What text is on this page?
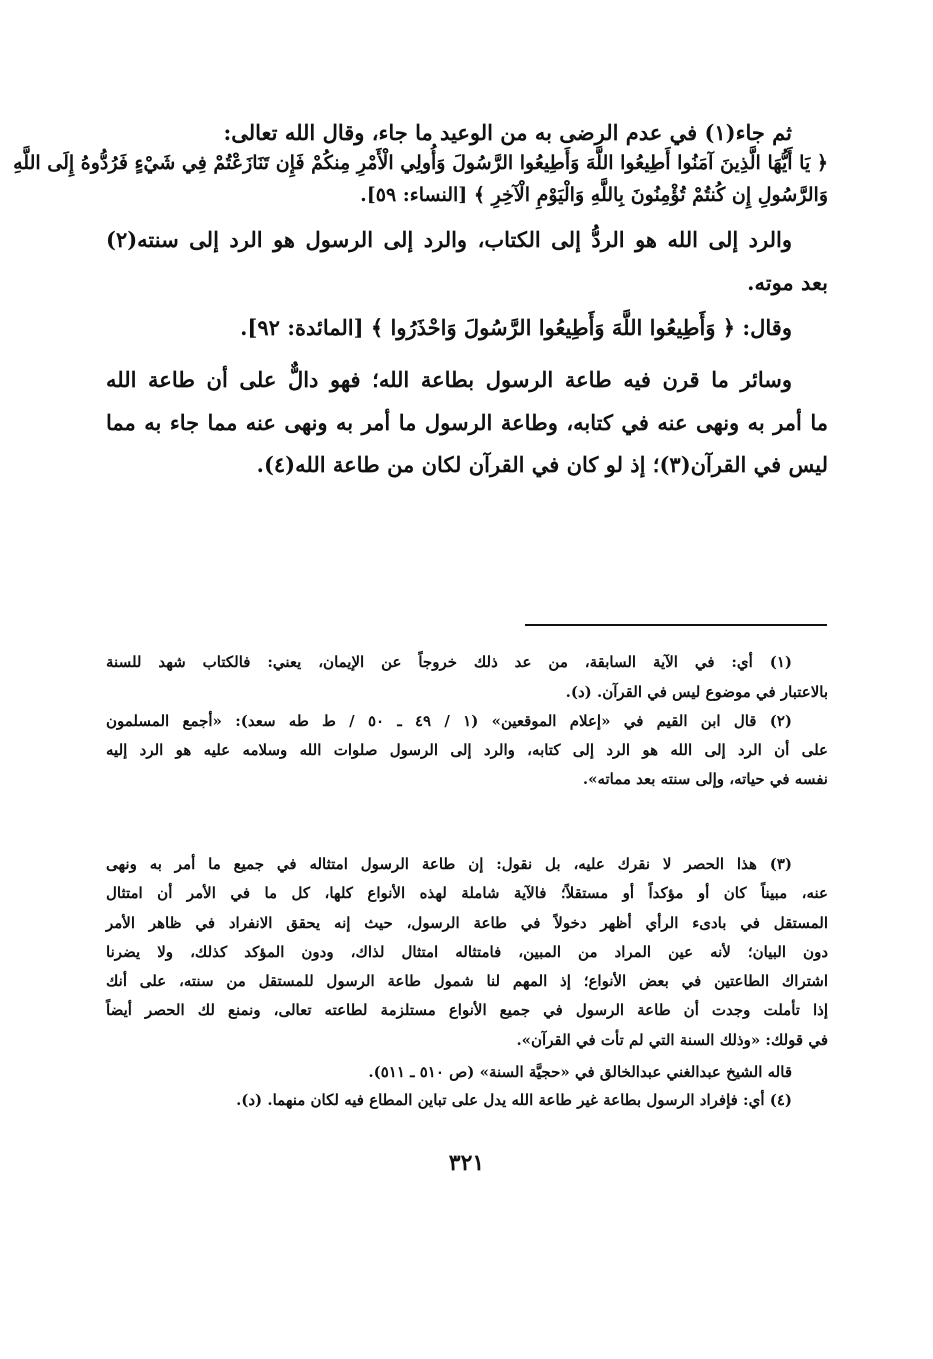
ثم جاء(١) في عدم الرضى به من الوعيد ما جاء، وقال الله تعالى:
﴿ يَا أَيُّهَا الَّذِينَ آمَنُوا أَطِيعُوا اللَّهَ وَأَطِيعُوا الرَّسُولَ وَأُولِي الْأَمْرِ مِنكُمْ فَإِن تَنَازَعْتُمْ فِي شَيْءٍ فَرُدُّوهُ إِلَى اللَّهِ
وَالرَّسُولِ إِن كُنتُمْ تُؤْمِنُونَ بِاللَّهِ وَالْيَوْمِ الْآخِرِ ﴾ [النساء: ٥٩].
والرد إلى الله هو الردُّ إلى الكتاب، والرد إلى الرسول هو الرد إلى سنته(٢)
بعد موته.
وقال: ﴿ وَأَطِيعُوا اللَّهَ وَأَطِيعُوا الرَّسُولَ وَاحْذَرُوا ﴾ [المائدة: ٩٢].
وسائر ما قرن فيه طاعة الرسول بطاعة الله؛ فهو دالٌّ على أن طاعة الله
ما أمر به ونهى عنه في كتابه، وطاعة الرسول ما أمر به ونهى عنه مما جاء به مما
ليس في القرآن(٣)؛ إذ لو كان في القرآن لكان من طاعة الله(٤).
(١) أي: في الآية السابقة، من عد ذلك خروجاً عن الإيمان، يعني: فالكتاب شهد للسنة
بالاعتبار في موضوع ليس في القرآن. (د).
(٢) قال ابن القيم في «إعلام الموقعين» (١ / ٤٩ ـ ٥٠ / ط طه سعد): «أجمع المسلمون
على أن الرد إلى الله هو الرد إلى كتابه، والرد إلى الرسول صلوات الله وسلامه عليه هو الرد إليه
نفسه في حياته، وإلى سنته بعد مماته».
(٣) هذا الحصر لا نقرك عليه، بل نقول: إن طاعة الرسول امتثاله في جميع ما أمر به ونهى
عنه، مبيناً كان أو مؤكداً أو مستقلاً؛ فالآية شاملة لهذه الأنواع كلها، كل ما في الأمر أن امتثال
المستقل في بادىء الرأي أظهر دخولاً في طاعة الرسول، حيث إنه يحقق الانفراد في ظاهر الأمر
دون البيان؛ لأنه عين المراد من المبين، فامتثاله امتثال لذاك، ودون المؤكد كذلك، ولا يضرنا
اشتراك الطاعتين في بعض الأنواع؛ إذ المهم لنا شمول طاعة الرسول للمستقل من سنته، على أنك
إذا تأملت وجدت أن طاعة الرسول في جميع الأنواع مستلزمة لطاعته تعالى، ونمنع لك الحصر أيضاً
في قولك: «وذلك السنة التي لم تأت في القرآن».
قاله الشيخ عبدالغني عبدالخالق في «حجيَّة السنة» (ص ٥١٠ ـ ٥١١).
(٤) أي: فإفراد الرسول بطاعة غير طاعة الله يدل على تباين المطاع فيه لكان منهما. (د).
٣٢١
